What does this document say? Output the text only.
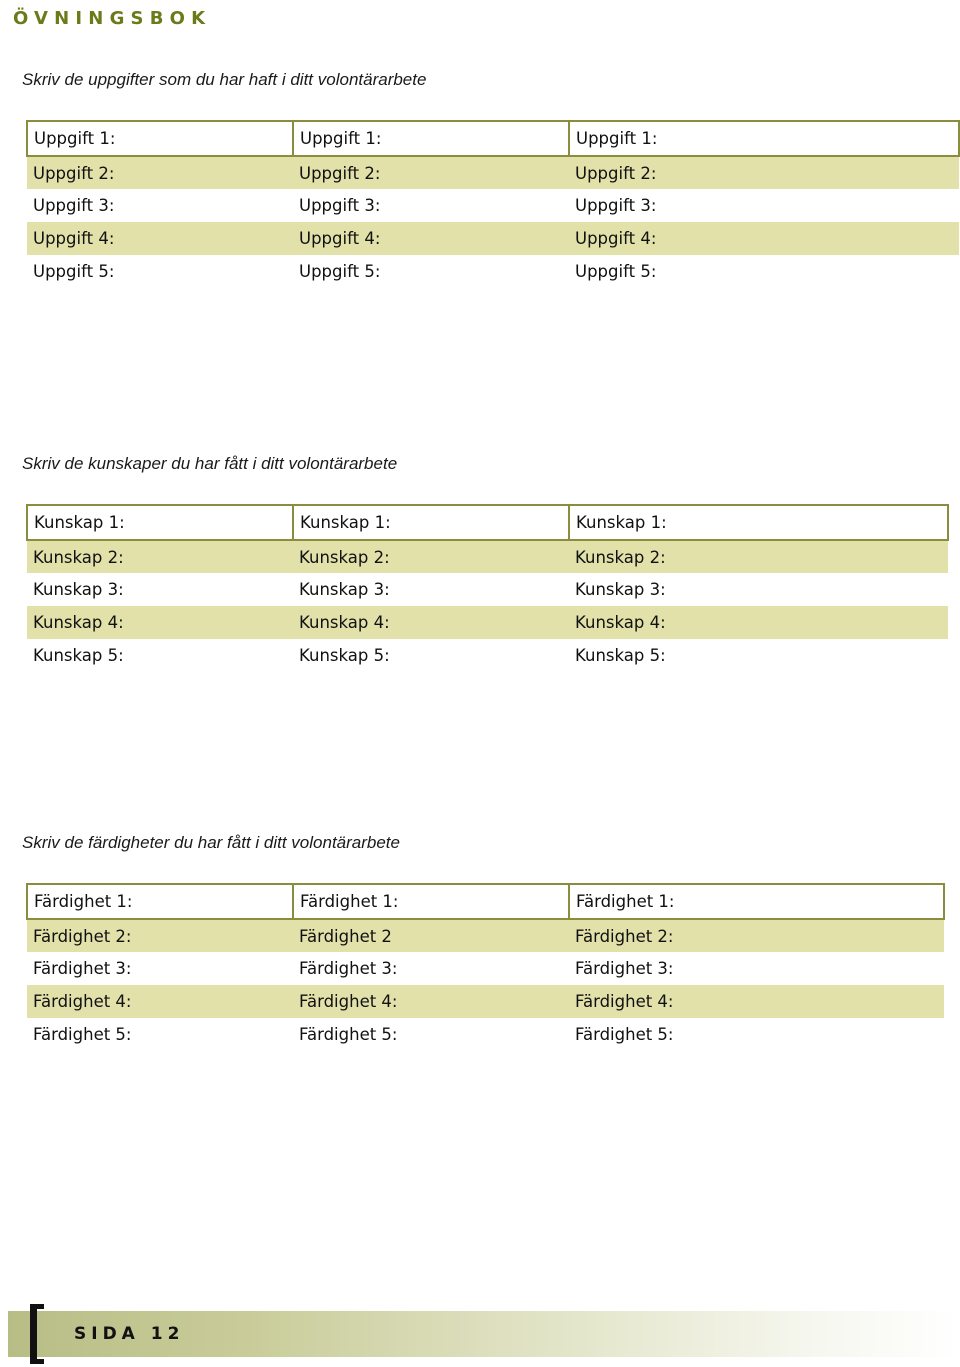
ÖVNINGSBOK
Skriv de uppgifter som du har haft i ditt volontärarbete
Uppgift 1:	Uppgift 1:	Uppgift 1:
Uppgift 2:	Uppgift 2:	Uppgift 2:
Uppgift 3:	Uppgift 3:	Uppgift 3:
Uppgift 4:	Uppgift 4:	Uppgift 4:
Uppgift 5:	Uppgift 5:	Uppgift 5:
Skriv de kunskaper du har fått i ditt volontärarbete
Kunskap 1:	Kunskap 1:	Kunskap 1:
Kunskap 2:	Kunskap 2:	Kunskap 2:
Kunskap 3:	Kunskap 3:	Kunskap 3:
Kunskap 4:	Kunskap 4:	Kunskap 4:
Kunskap 5:	Kunskap 5:	Kunskap 5:
Skriv de färdigheter du har fått i ditt volontärarbete
Färdighet 1:	Färdighet 1:	Färdighet 1:
Färdighet 2:	Färdighet 2	Färdighet 2:
Färdighet 3:	Färdighet 3:	Färdighet 3:
Färdighet 4:	Färdighet 4:	Färdighet 4:
Färdighet 5:	Färdighet 5:	Färdighet 5:
SIDA 12
